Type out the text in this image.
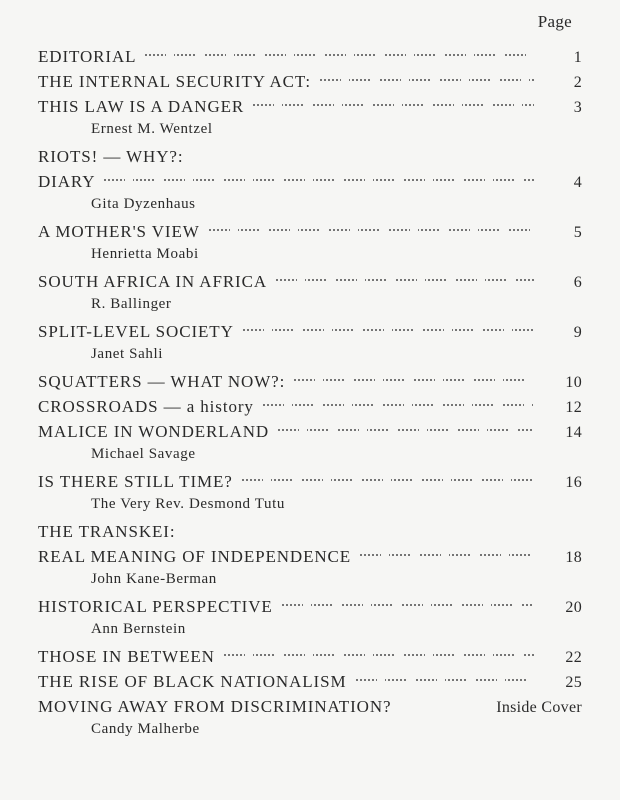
Page
EDITORIAL	1
THE INTERNAL SECURITY ACT:	2
THIS LAW IS A DANGER	3
Ernest M. Wentzel
RIOTS! — WHY?:
DIARY	4
Gita Dyzenhaus
A MOTHER'S VIEW	5
Henrietta Moabi
SOUTH AFRICA IN AFRICA	6
R. Ballinger
SPLIT-LEVEL SOCIETY	9
Janet Sahli
SQUATTERS — WHAT NOW?:	10
CROSSROADS — a history	12
MALICE IN WONDERLAND	14
Michael Savage
IS THERE STILL TIME?	16
The Very Rev. Desmond Tutu
THE TRANSKEI:
REAL MEANING OF INDEPENDENCE	18
John Kane-Berman
HISTORICAL PERSPECTIVE	20
Ann Bernstein
THOSE IN BETWEEN	22
THE RISE OF BLACK NATIONALISM	25
MOVING AWAY FROM DISCRIMINATION?	Inside Cover
Candy Malherbe
